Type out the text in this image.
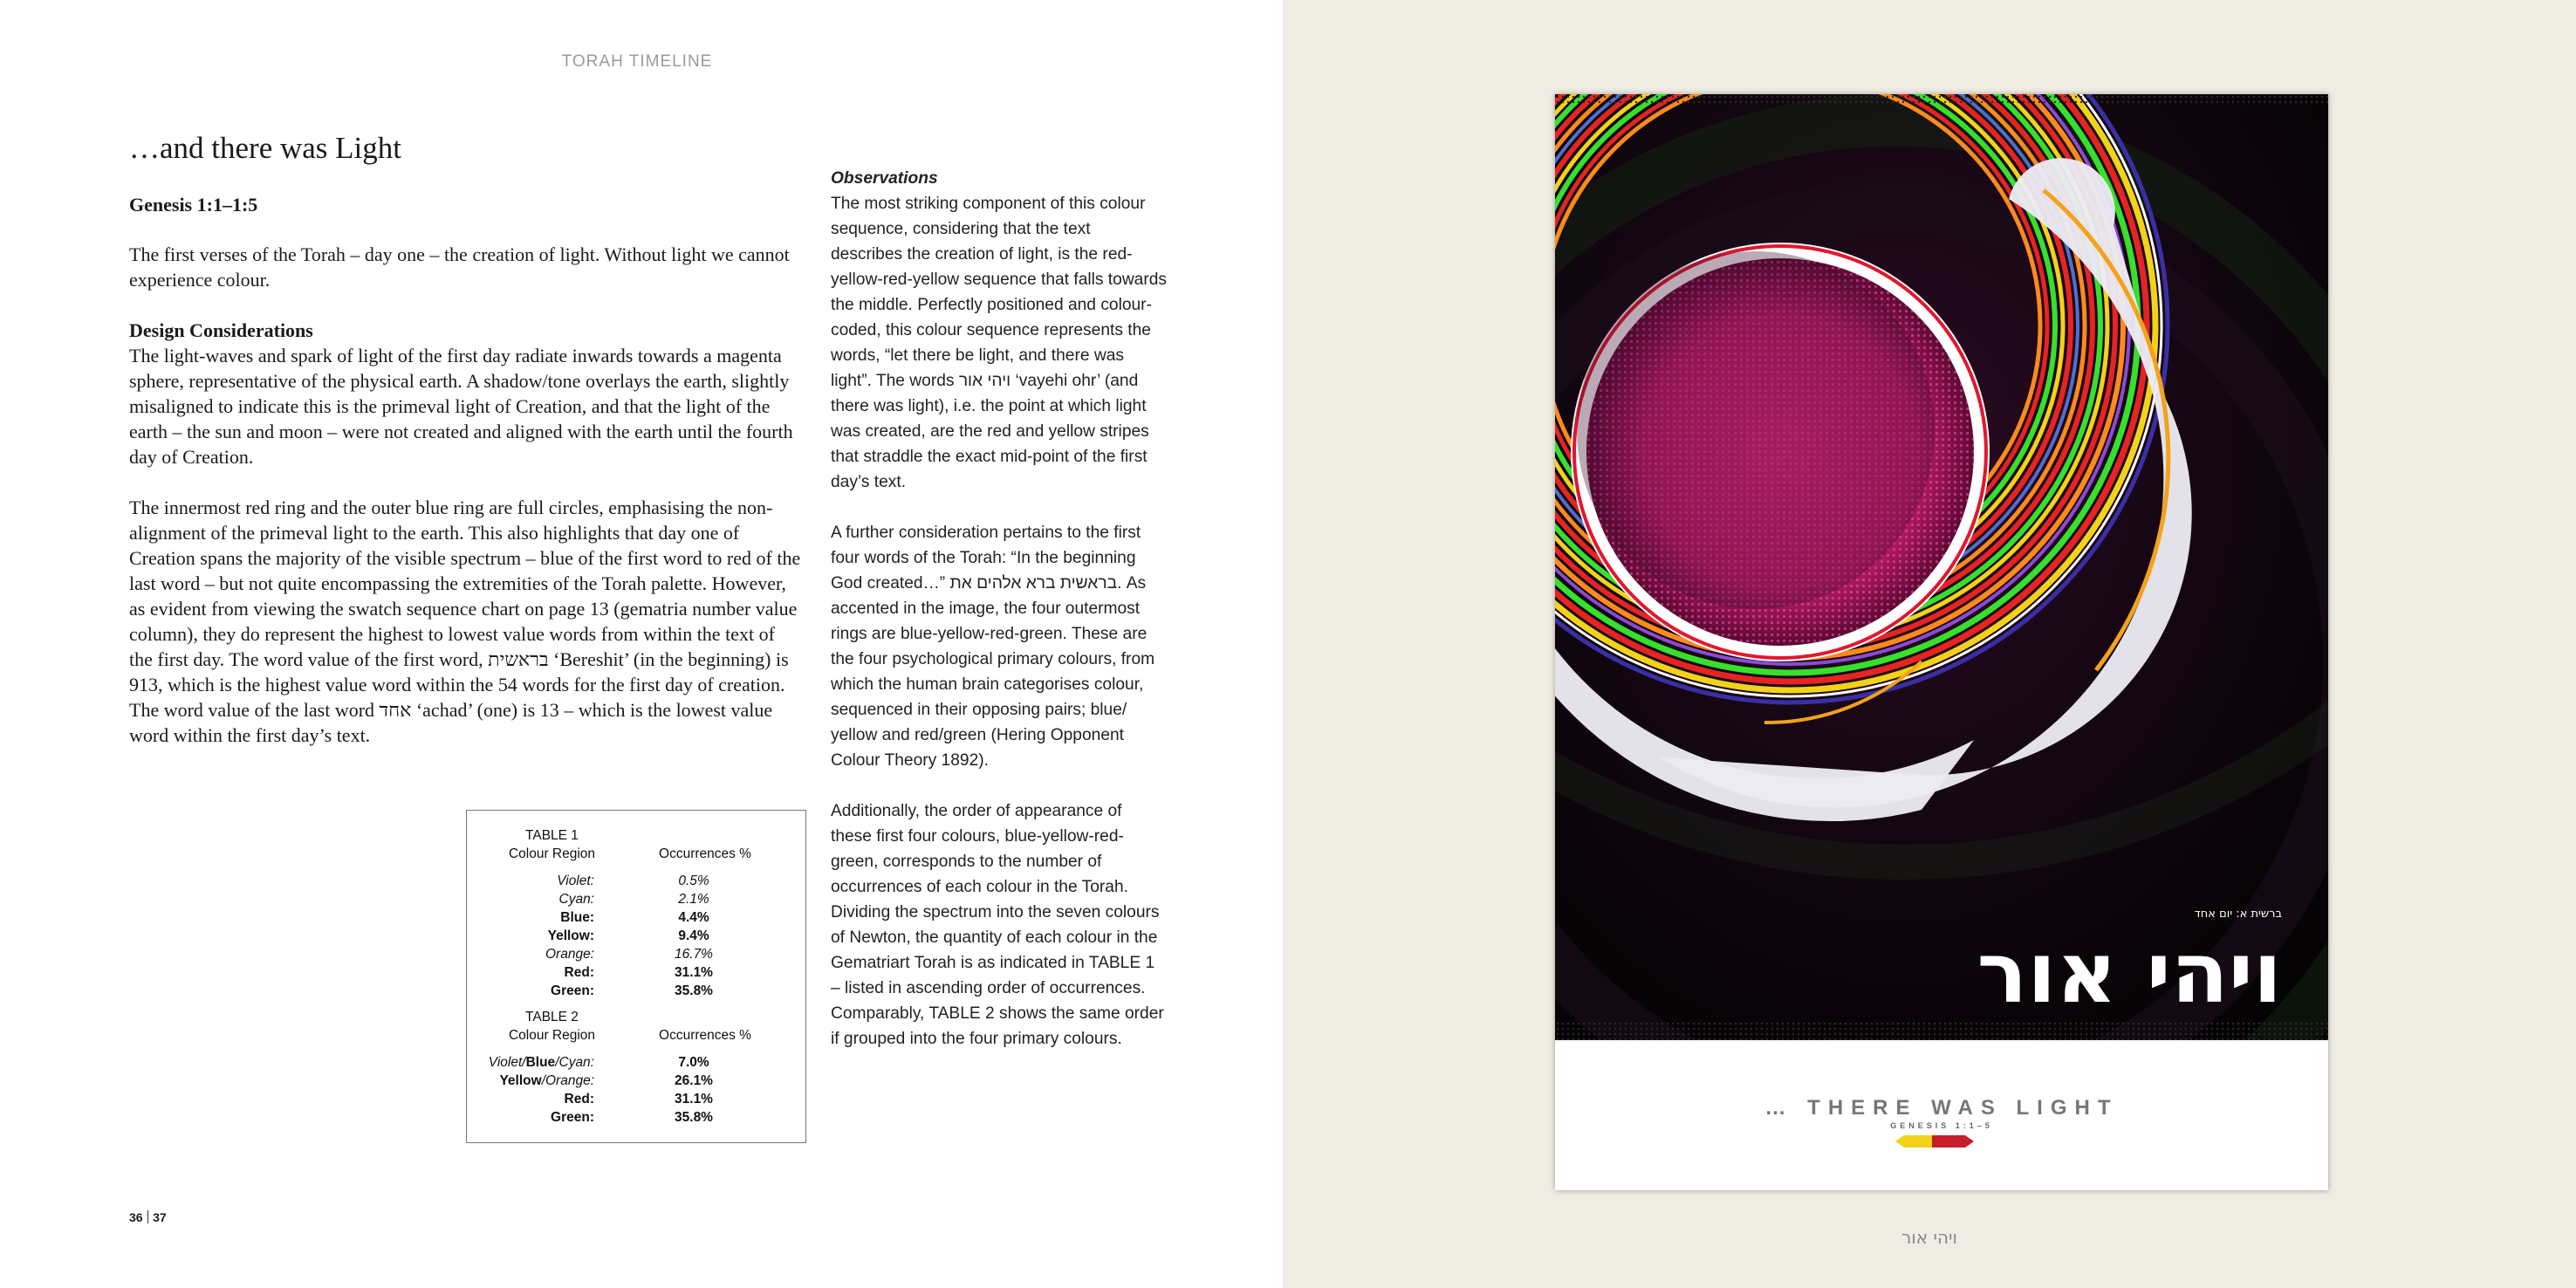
TORAH TIMELINE
…and there was Light
Genesis 1:1–1:5

The first verses of the Torah – day one – the creation of light. Without light we cannot experience colour.

Design Considerations

The light-waves and spark of light of the first day radiate inwards towards a magenta sphere, representative of the physical earth. A shadow/tone overlays the earth, slightly misaligned to indicate this is the primeval light of Creation, and that the light of the earth – the sun and moon – were not created and aligned with the earth until the fourth day of Creation.

The innermost red ring and the outer blue ring are full circles, emphasising the non-alignment of the primeval light to the earth. This also highlights that day one of Creation spans the majority of the visible spectrum – blue of the first word to red of the last word – but not quite encompassing the extremities of the Torah palette. However, as evident from viewing the swatch sequence chart on page 13 (gematria number value column), they do represent the highest to lowest value words from within the text of the first day. The word value of the first word, בראשית ‘Bereshit’ (in the beginning) is 913, which is the highest value word within the 54 words for the first day of creation. The word value of the last word אחד ‘achad’ (one) is 13 – which is the lowest value word within the first day’s text.

Observations

The most striking component of this colour sequence, considering that the text describes the creation of light, is the red-yellow-red-yellow sequence that falls towards the middle. Perfectly positioned and colour-coded, this colour sequence represents the words, “let there be light, and there was light”. The words ויהי אור ‘vayehi ohr’ (and there was light), i.e. the point at which light was created, are the red and yellow stripes that straddle the exact mid-point of the first day’s text.

A further consideration pertains to the first four words of the Torah: “In the beginning God created…” בראשית ברא אלהים את. As accented in the image, the four outermost rings are blue-yellow-red-green. These are the four psychological primary colours, from which the human brain categorises colour, sequenced in their opposing pairs; blue/ yellow and red/green (Hering Opponent Colour Theory 1892).

Additionally, the order of appearance of these first four colours, blue-yellow-red-green, corresponds to the number of occurrences of each colour in the Torah. Dividing the spectrum into the seven colours of Newton, the quantity of each colour in the Gematriart Torah is as indicated in TABLE 1 – listed in ascending order of occurrences. Comparably, TABLE 2 shows the same order if grouped into the four primary colours.

TABLE 1
Colour Region	Occurrences %
Violet:	0.5%
Cyan:	2.1%
Blue:	4.4%
Yellow:	9.4%
Orange:	16.7%
Red:	31.1%
Green:	35.8%
TABLE 2
Colour Region	Occurrences %
Violet/Blue/Cyan:	7.0%
Yellow/Orange:	26.1%
Red:	31.1%
Green:	35.8%
36 37
ברשית א: יום אחד
ויהי אור
… THERE WAS LIGHT
GENESIS 1:1–5
ויהי אור
